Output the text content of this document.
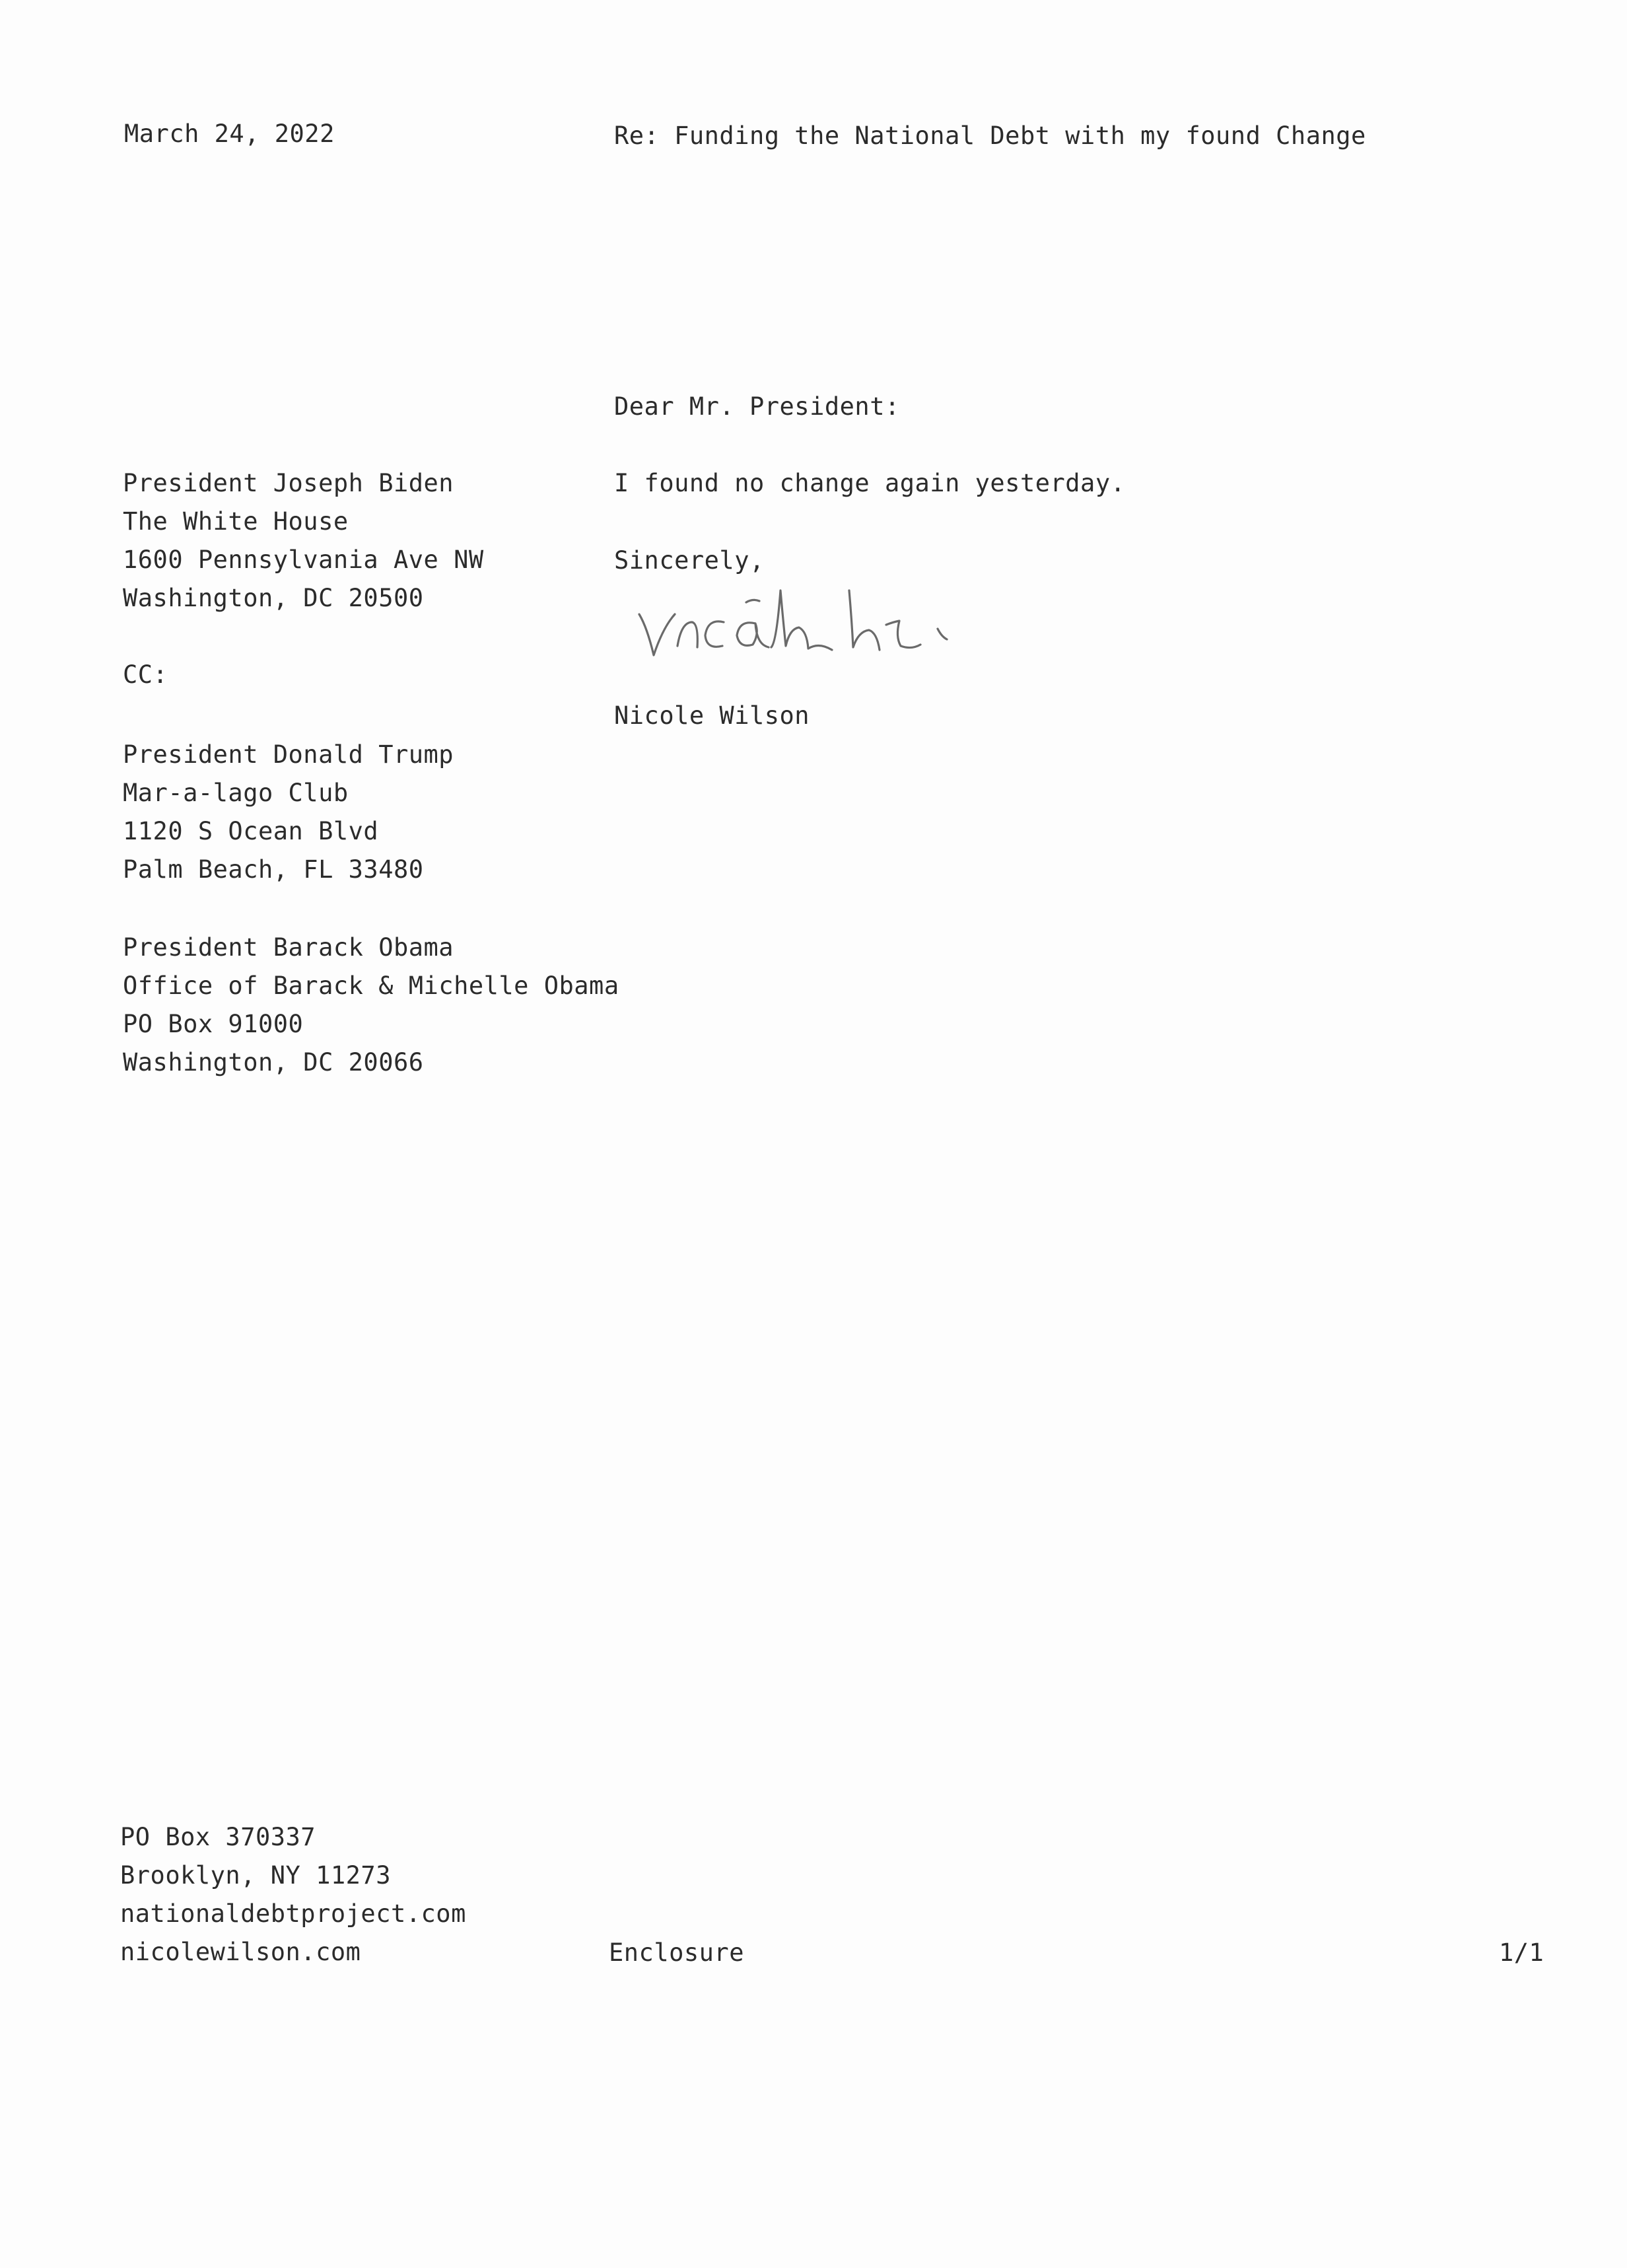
March 24, 2022	Re: Funding the National Debt with my found Change
Dear Mr. President:
President Joseph Biden
The White House
1600 Pennsylvania Ave NW
Washington, DC 20500
I found no change again yesterday.
Sincerely,
CC:
Nicole Wilson
President Donald Trump
Mar-a-lago Club
1120 S Ocean Blvd
Palm Beach, FL 33480
President Barack Obama
Office of Barack & Michelle Obama
PO Box 91000
Washington, DC 20066
PO Box 370337
Brooklyn, NY 11273
nationaldebtproject.com
nicolewilson.com	Enclosure	1/1
